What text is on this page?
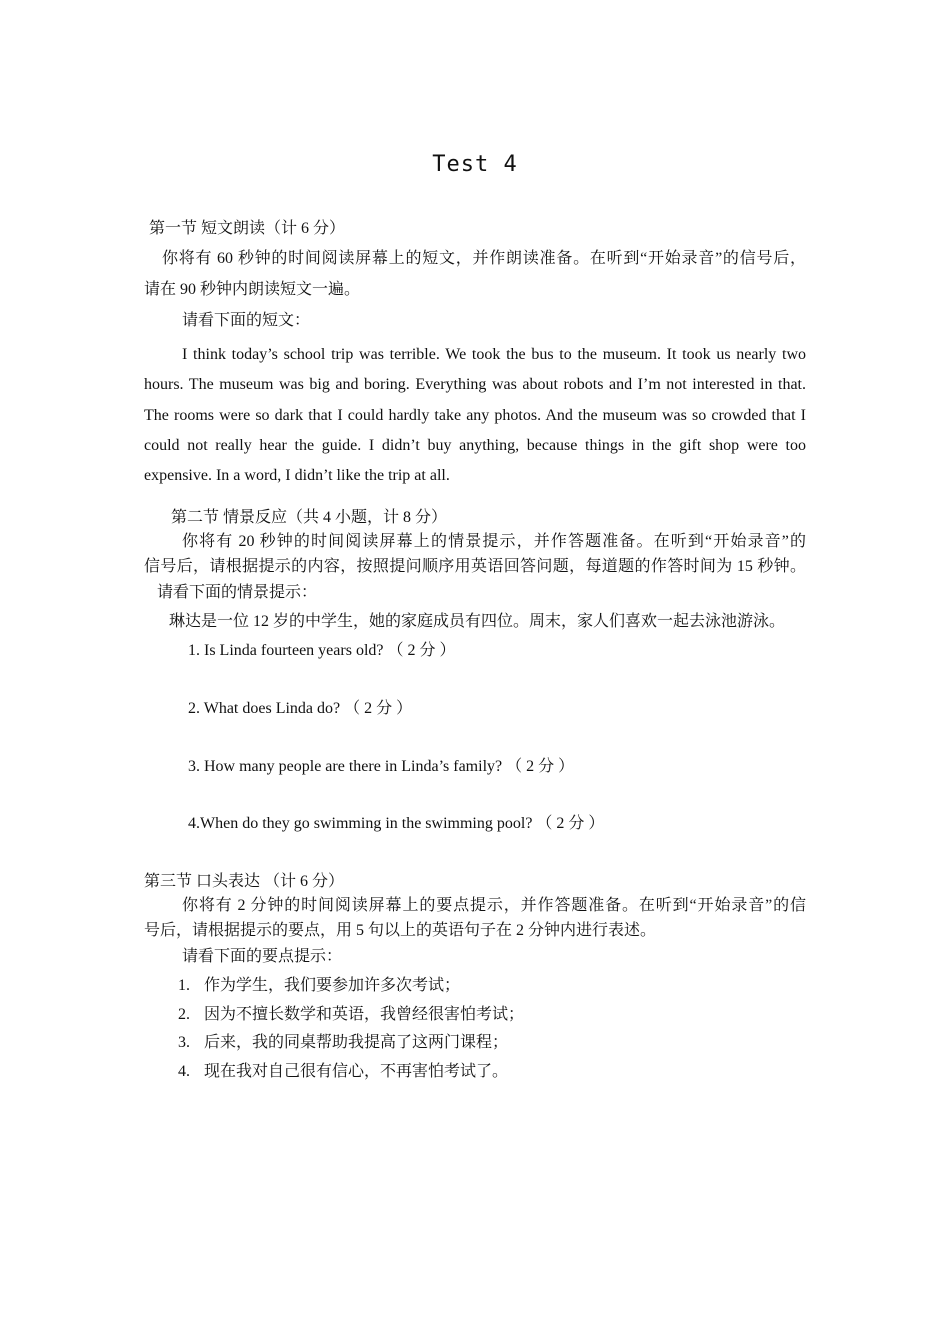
Test 4
第一节 短文朗读（计 6 分）
你将有 60 秒钟的时间阅读屏幕上的短文，并作朗读准备。在听到“开始录音”的信号后，
请在 90 秒钟内朗读短文一遍。
请看下面的短文：
I think today’s school trip was terrible. We took the bus to the museum. It took us nearly two hours. The museum was big and boring. Everything was about robots and I’m not interested in that. The rooms were so dark that I could hardly take any photos. And the museum was so crowded that I could not really hear the guide. I didn’t buy anything, because things in the gift shop were too expensive. In a word, I didn’t like the trip at all.
第二节 情景反应（共 4 小题，计 8 分）
你将有 20 秒钟的时间阅读屏幕上的情景提示，并作答题准备。在听到“开始录音”的
信号后，请根据提示的内容，按照提问顺序用英语回答问题，每道题的作答时间为 15 秒钟。
请看下面的情景提示：
琳达是一位 12 岁的中学生，她的家庭成员有四位。周末，家人们喜欢一起去泳池游泳。
1. Is Linda fourteen years old? （ 2 分 ）
2. What does Linda do? （ 2 分 ）
3. How many people are there in Linda’s family? （ 2 分 ）
4.When do they go swimming in the swimming pool? （ 2 分 ）
第三节 口头表达 （计 6 分）
你将有 2 分钟的时间阅读屏幕上的要点提示，并作答题准备。在听到“开始录音”的信
号后，请根据提示的要点，用 5 句以上的英语句子在 2 分钟内进行表述。
请看下面的要点提示：
1. 作为学生，我们要参加许多次考试；
2. 因为不擅长数学和英语，我曾经很害怕考试；
3. 后来，我的同桌帮助我提高了这两门课程；
4. 现在我对自己很有信心，不再害怕考试了。
